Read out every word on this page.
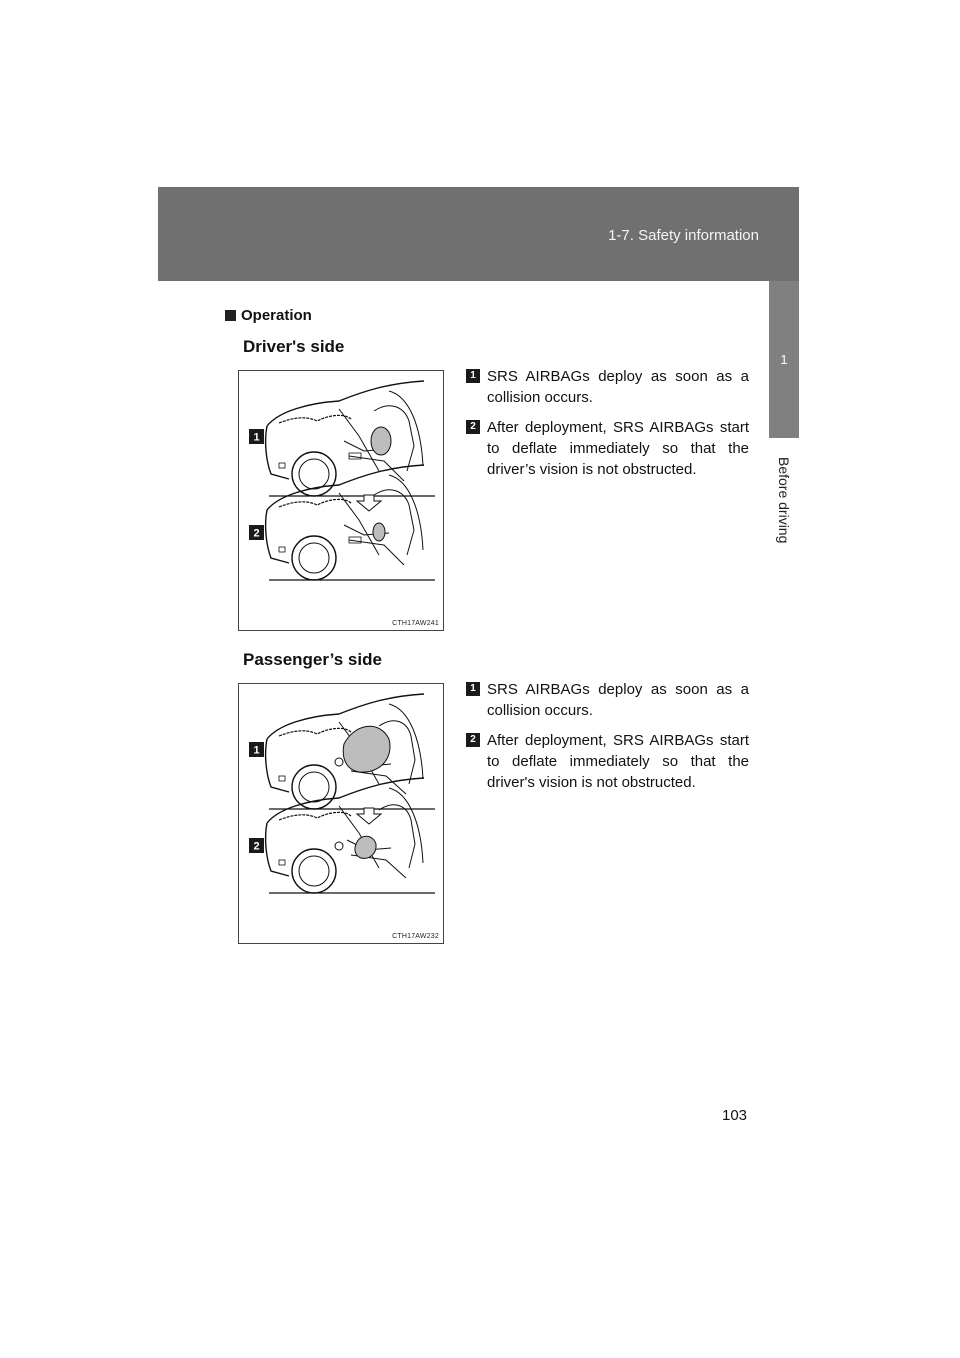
1-7. Safety information
1
Before driving
Operation
Driver's side
1
2
CTH17AW241
1 SRS AIRBAGs deploy as soon as a collision occurs.
2 After deployment, SRS AIRBAGs start to deflate immediately so that the driver’s vision is not obstructed.
Passenger’s side
1
2
CTH17AW232
1 SRS AIRBAGs deploy as soon as a collision occurs.
2 After deployment, SRS AIRBAGs start to deflate immediately so that the driver's vision is not obstructed.
103
